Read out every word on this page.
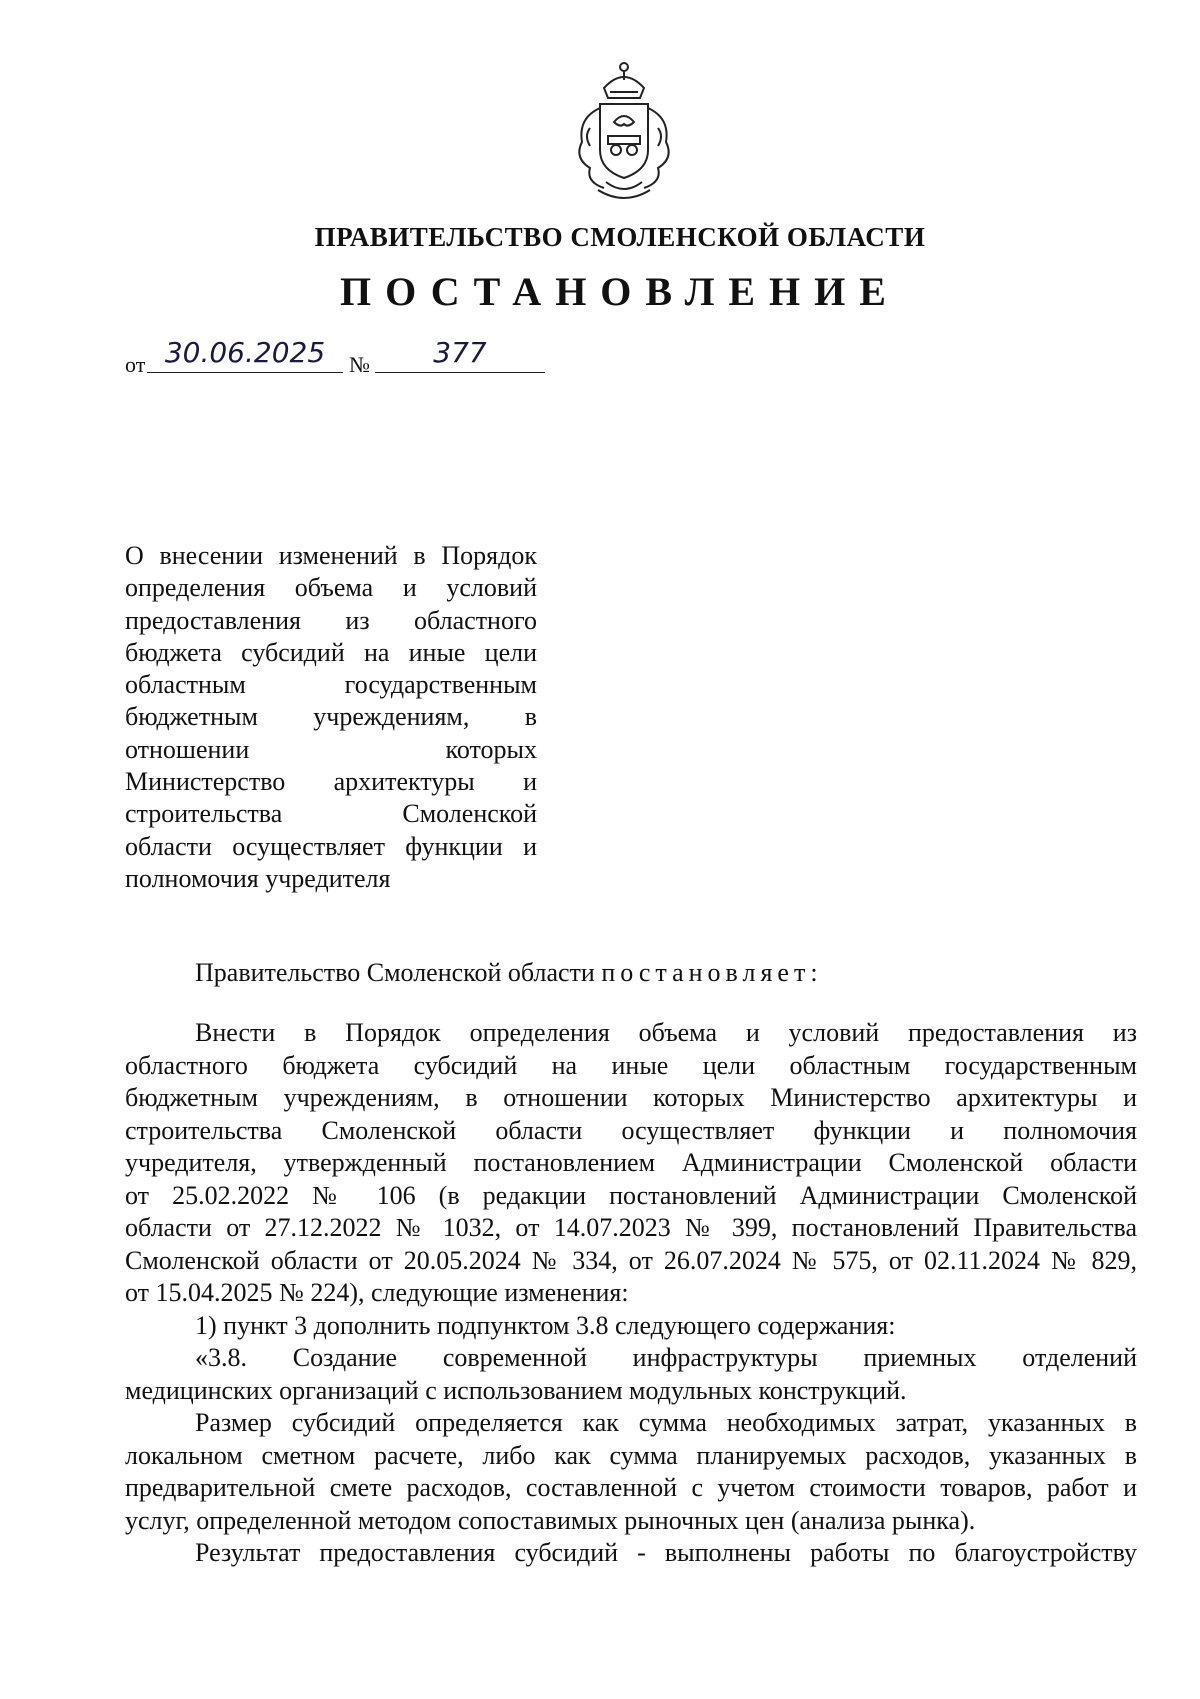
ПРАВИТЕЛЬСТВО СМОЛЕНСКОЙ ОБЛАСТИ
ПОСТАНОВЛЕНИЕ
от 30.06.2025	№	377
О внесении изменений в Порядок
определения объема и условий
предоставления из областного
бюджета субсидий на иные цели
областным государственным
бюджетным учреждениям, в
отношении которых
Министерство архитектуры и
строительства Смоленской
области осуществляет функции и
полномочия учредителя
Правительство Смоленской области постановляет:
Внести в Порядок определения объема и условий предоставления из
областного бюджета субсидий на иные цели областным государственным
бюджетным учреждениям, в отношении которых Министерство архитектуры и
строительства Смоленской области осуществляет функции и полномочия
учредителя, утвержденный постановлением Администрации Смоленской области
от 25.02.2022 № 106 (в редакции постановлений Администрации Смоленской
области от 27.12.2022 № 1032, от 14.07.2023 № 399, постановлений Правительства
Смоленской области от 20.05.2024 № 334, от 26.07.2024 № 575, от 02.11.2024 № 829,
от 15.04.2025 № 224), следующие изменения:
1) пункт 3 дополнить подпунктом 3.8 следующего содержания:
«3.8. Создание современной инфраструктуры приемных отделений
медицинских организаций с использованием модульных конструкций.
Размер субсидий определяется как сумма необходимых затрат, указанных в
локальном сметном расчете, либо как сумма планируемых расходов, указанных в
предварительной смете расходов, составленной с учетом стоимости товаров, работ и
услуг, определенной методом сопоставимых рыночных цен (анализа рынка).
Результат предоставления субсидий - выполнены работы по благоустройству
